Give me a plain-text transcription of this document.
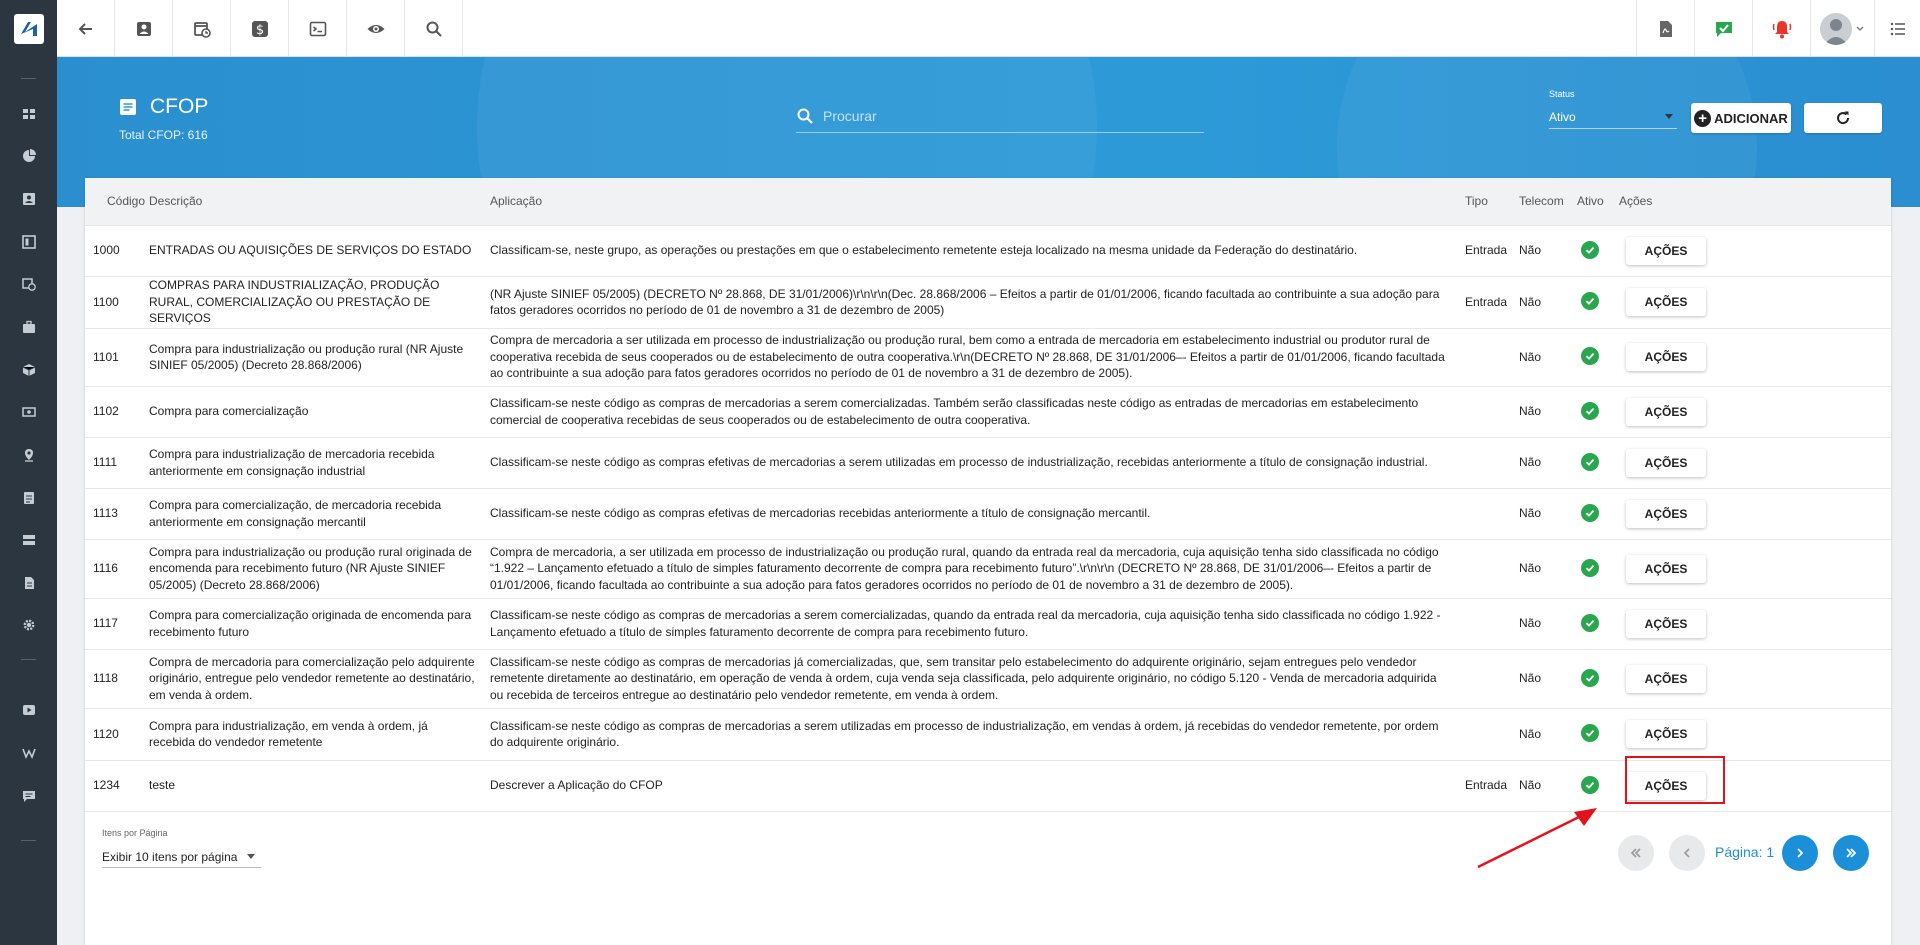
$
CFOP
Total CFOP: 616
Procurar
Status
Ativo	+ ADICIONAR
Código	Descrição	Aplicação	Tipo	Telecom	Ativo	Ações
1000	ENTRADAS OU AQUISIÇÕES DE SERVIÇOS DO ESTADO	Classificam-se, neste grupo, as operações ou prestações em que o estabelecimento remetente esteja localizado na mesma unidade da Federação do destinatário.	Entrada	Não		AÇÕES
1100	COMPRAS PARA INDUSTRIALIZAÇÃO, PRODUÇÃO RURAL, COMERCIALIZAÇÃO OU PRESTAÇÃO DE SERVIÇOS	(NR Ajuste SINIEF 05/2005) (DECRETO Nº 28.868, DE 31/01/2006)\r\n\r\n(Dec. 28.868/2006 – Efeitos a partir de 01/01/2006, ficando facultada ao contribuinte a sua adoção para fatos geradores ocorridos no período de 01 de novembro a 31 de dezembro de 2005)	Entrada	Não		AÇÕES
1101	Compra para industrialização ou produção rural (NR Ajuste SINIEF 05/2005) (Decreto 28.868/2006)	Compra de mercadoria a ser utilizada em processo de industrialização ou produção rural, bem como a entrada de mercadoria em estabelecimento industrial ou produtor rural de cooperativa recebida de seus cooperados ou de estabelecimento de outra cooperativa.\r\n(DECRETO Nº 28.868, DE 31/01/2006–- Efeitos a partir de 01/01/2006, ficando facultada ao contribuinte a sua adoção para fatos geradores ocorridos no período de 01 de novembro a 31 de dezembro de 2005).		Não		AÇÕES
1102	Compra para comercialização	Classificam-se neste código as compras de mercadorias a serem comercializadas. Também serão classificadas neste código as entradas de mercadorias em estabelecimento comercial de cooperativa recebidas de seus cooperados ou de estabelecimento de outra cooperativa.		Não		AÇÕES
1111	Compra para industrialização de mercadoria recebida anteriormente em consignação industrial	Classificam-se neste código as compras efetivas de mercadorias a serem utilizadas em processo de industrialização, recebidas anteriormente a título de consignação industrial.		Não		AÇÕES
1113	Compra para comercialização, de mercadoria recebida anteriormente em consignação mercantil	Classificam-se neste código as compras efetivas de mercadorias recebidas anteriormente a título de consignação mercantil.		Não		AÇÕES
1116	Compra para industrialização ou produção rural originada de encomenda para recebimento futuro (NR Ajuste SINIEF 05/2005) (Decreto 28.868/2006)	Compra de mercadoria, a ser utilizada em processo de industrialização ou produção rural, quando da entrada real da mercadoria, cuja aquisição tenha sido classificada no código “1.922 – Lançamento efetuado a título de simples faturamento decorrente de compra para recebimento futuro”.\r\n\r\n (DECRETO Nº 28.868, DE 31/01/2006–- Efeitos a partir de 01/01/2006, ficando facultada ao contribuinte a sua adoção para fatos geradores ocorridos no período de 01 de novembro a 31 de dezembro de 2005).		Não		AÇÕES
1117	Compra para comercialização originada de encomenda para recebimento futuro	Classificam-se neste código as compras de mercadorias a serem comercializadas, quando da entrada real da mercadoria, cuja aquisição tenha sido classificada no código 1.922 - Lançamento efetuado a título de simples faturamento decorrente de compra para recebimento futuro.		Não		AÇÕES
1118	Compra de mercadoria para comercialização pelo adquirente originário, entregue pelo vendedor remetente ao destinatário, em venda à ordem.	Classificam-se neste código as compras de mercadorias já comercializadas, que, sem transitar pelo estabelecimento do adquirente originário, sejam entregues pelo vendedor remetente diretamente ao destinatário, em operação de venda à ordem, cuja venda seja classificada, pelo adquirente originário, no código 5.120 - Venda de mercadoria adquirida ou recebida de terceiros entregue ao destinatário pelo vendedor remetente, em venda à ordem.		Não		AÇÕES
1120	Compra para industrialização, em venda à ordem, já recebida do vendedor remetente	Classificam-se neste código as compras de mercadorias a serem utilizadas em processo de industrialização, em vendas à ordem, já recebidas do vendedor remetente, por ordem do adquirente originário.		Não		AÇÕES
1234	teste	Descrever a Aplicação do CFOP	Entrada	Não		AÇÕES
Itens por Página
Exibir 10 itens por página	Página: 1
